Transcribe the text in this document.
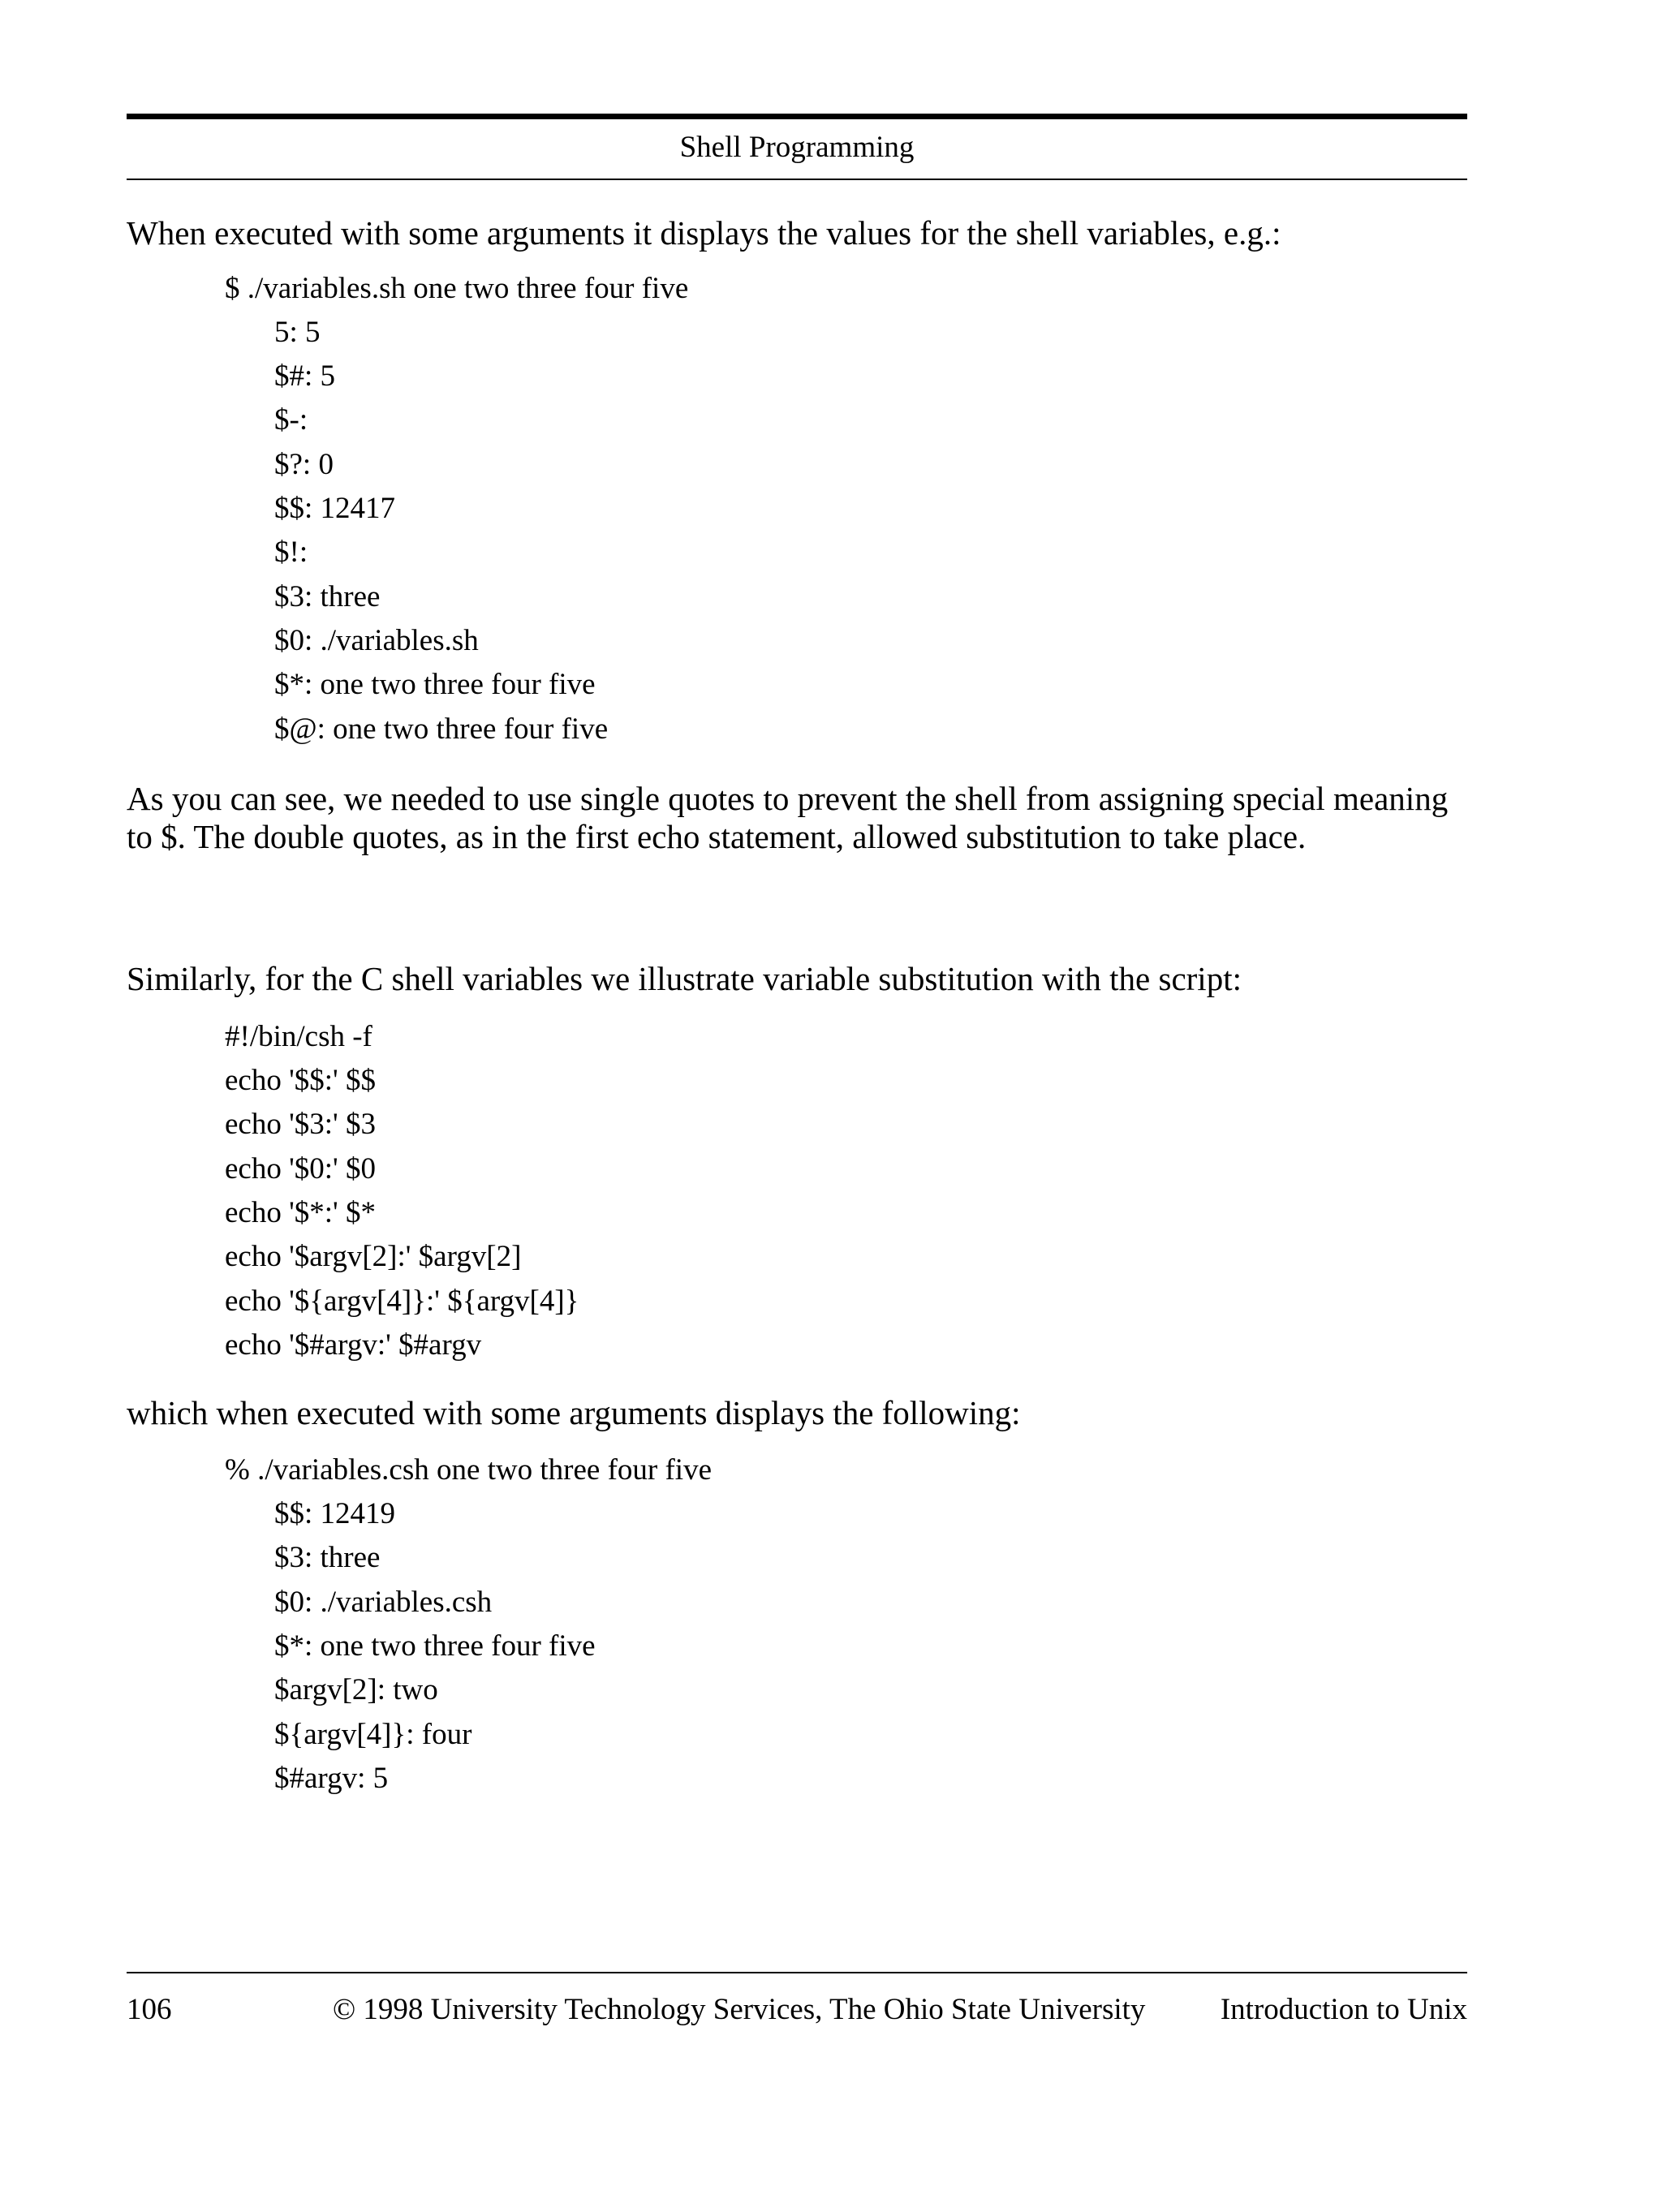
Shell Programming

When executed with some arguments it displays the values for the shell variables, e.g.:

$ ./variables.sh one two three four five
5: 5
$#: 5
$-:
$?: 0
$$: 12417
$!:
$3: three
$0: ./variables.sh
$*: one two three four five
$@: one two three four five

As you can see, we needed to use single quotes to prevent the shell from assigning special meaning to $. The double quotes, as in the first echo statement, allowed substitution to take place.

Similarly, for the C shell variables we illustrate variable substitution with the script:

#!/bin/csh -f
echo '$$:' $$
echo '$3:' $3
echo '$0:' $0
echo '$*:' $*
echo '$argv[2]:' $argv[2]
echo '${argv[4]}:' ${argv[4]}
echo '$#argv:' $#argv

which when executed with some arguments displays the following:

% ./variables.csh one two three four five
$$: 12419
$3: three
$0: ./variables.csh
$*: one two three four five
$argv[2]: two
${argv[4]}: four
$#argv: 5
106	© 1998 University Technology Services, The Ohio State University Introduction to Unix
